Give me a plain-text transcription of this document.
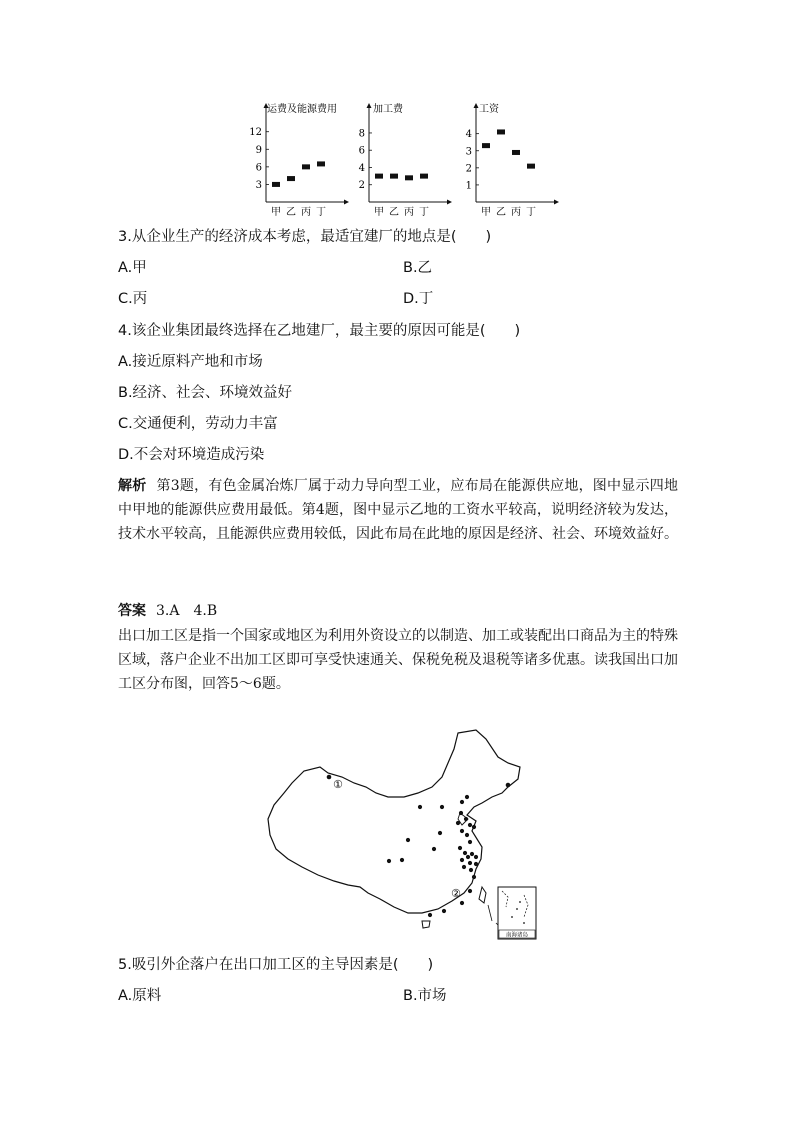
运费及能源费用
3
6
9
12
甲 乙 丙 丁
加工费
2
4
6
8
甲 乙 丙 丁
工资
1
2
3
4
甲 乙 丙 丁
3.从企业生产的经济成本考虑，最适宜建厂的地点是(　　)
A.甲	B.乙
C.丙	D.丁
4.该企业集团最终选择在乙地建厂，最主要的原因可能是(　　)
A.接近原料产地和市场
B.经济、社会、环境效益好
C.交通便利，劳动力丰富
D.不会对环境造成污染
解析 第3题，有色金属冶炼厂属于动力导向型工业，应布局在能源供应地，图中显示四地中甲地的能源供应费用最低。第4题，图中显示乙地的工资水平较高，说明经济较为发达，技术水平较高，且能源供应费用较低，因此布局在此地的原因是经济、社会、环境效益好。
答案 3.A　4.B
出口加工区是指一个国家或地区为利用外资设立的以制造、加工或装配出口商品为主的特殊区域，落户企业不出加工区即可享受快速通关、保税免税及退税等诸多优惠。读我国出口加工区分布图，回答5～6题。
①
②
南海诸岛
5.吸引外企落户在出口加工区的主导因素是(　　)
A.原料	B.市场
